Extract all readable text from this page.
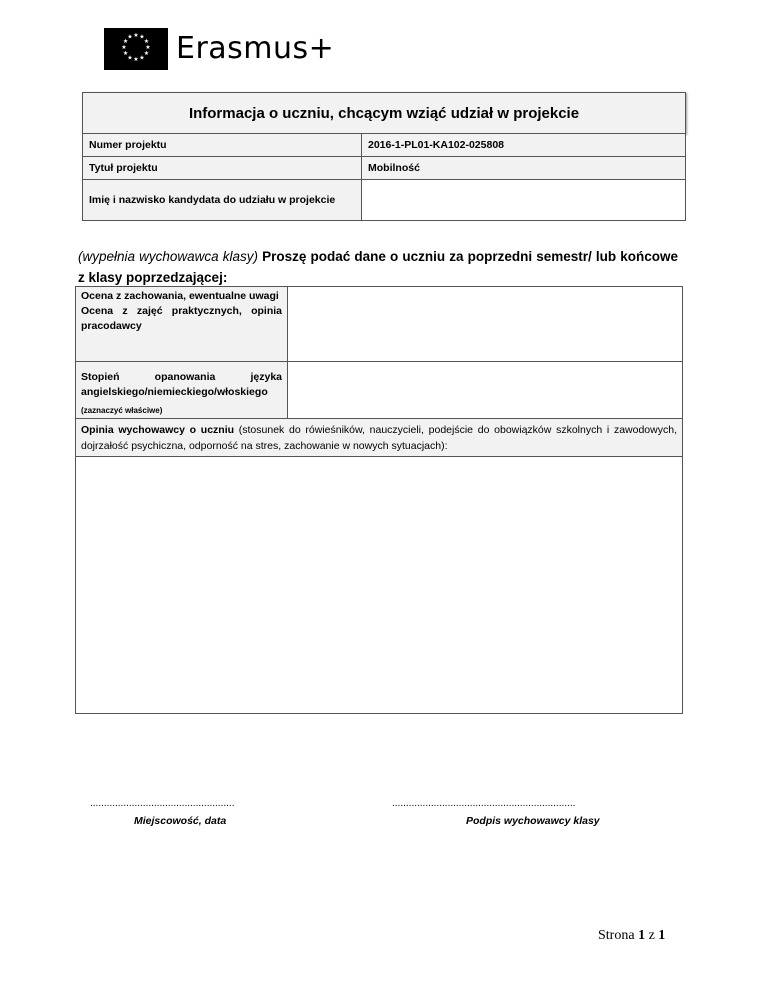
★ ★
★
★
★
★
★
★
★
★
★
★ Erasmus+
Informacja o uczniu, chcącym wziąć udział w projekcie
Numer projektu	2016-1-PL01-KA102-025808
Tytuł projektu	Mobilność
Imię i nazwisko kandydata do udziału w projekcie
(wypełnia wychowawca klasy) Proszę podać dane o uczniu za poprzedni semestr/ lub końcowe z klasy poprzedzającej:
Ocena z zachowania, ewentualne uwagi
Ocena z zajęć praktycznych, opinia pracodawcy
Stopień opanowania języka
angielskiego/niemieckiego/włoskiego
(zaznaczyć właściwe)
Opinia wychowawcy o uczniu (stosunek do rówieśników, nauczycieli, podejście do obowiązków szkolnych i zawodowych, dojrzałość psychiczna, odporność na stres, zachowanie w nowych sytuacjach):
....................................................
Miejscowość, data
..................................................................
Podpis wychowawcy klasy
Strona 1 z 1
